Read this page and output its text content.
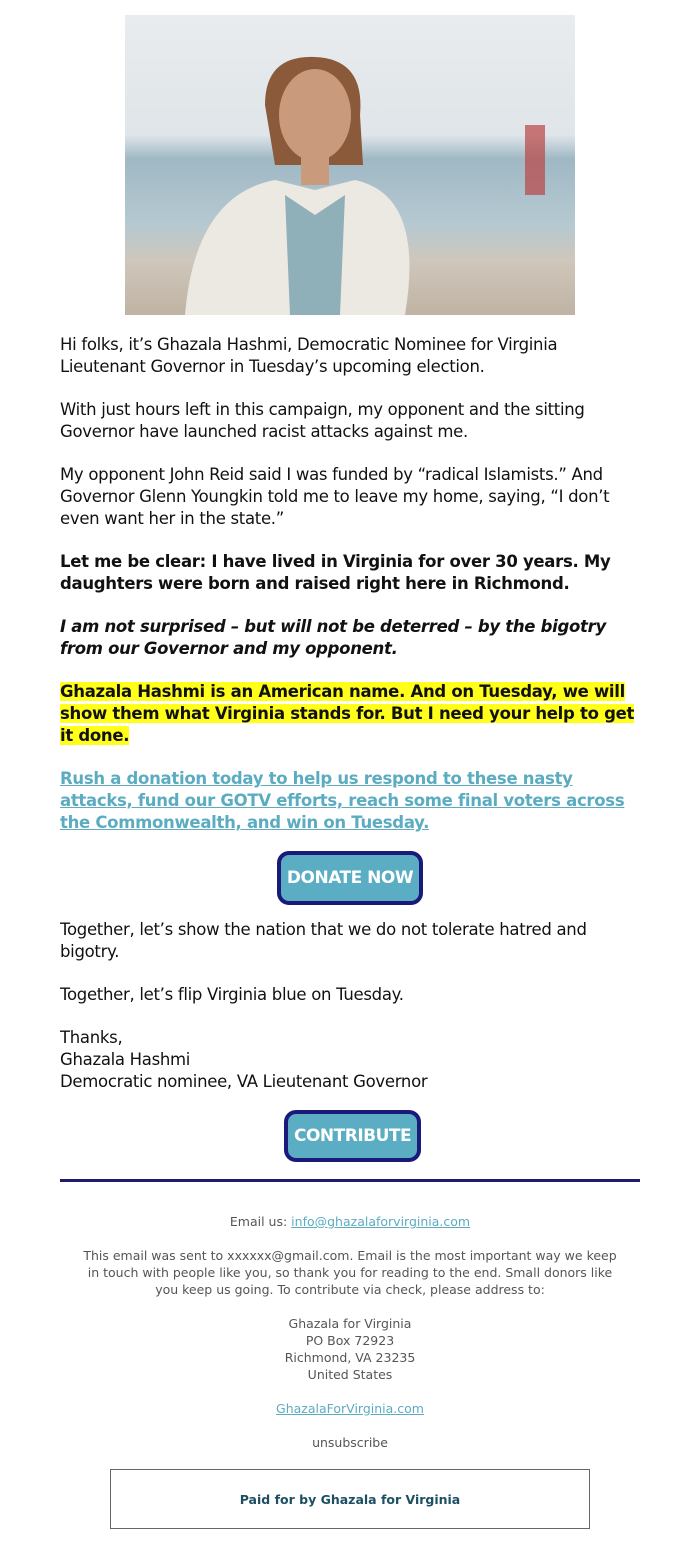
Hi folks, it’s Ghazala Hashmi, Democratic Nominee for Virginia Lieutenant Governor in Tuesday’s upcoming election.

With just hours left in this campaign, my opponent and the sitting Governor have launched racist attacks against me.

My opponent John Reid said I was funded by “radical Islamists.” And Governor Glenn Youngkin told me to leave my home, saying, “I don’t even want her in the state.”

Let me be clear: I have lived in Virginia for over 30 years. My daughters were born and raised right here in Richmond.

I am not surprised – but will not be deterred – by the bigotry from our Governor and my opponent.

Ghazala Hashmi is an American name. And on Tuesday, we will show them what Virginia stands for. But I need your help to get it done.

Rush a donation today to help us respond to these nasty attacks, fund our GOTV efforts, reach some final voters across the Commonwealth, and win on Tuesday.

DONATE NOW

Together, let’s show the nation that we do not tolerate hatred and bigotry.

Together, let’s flip Virginia blue on Tuesday.

Thanks,
Ghazala Hashmi
Democratic nominee, VA Lieutenant Governor
CONTRIBUTE

Email us: info@ghazalaforvirginia.com

This email was sent to xxxxxx@gmail.com. Email is the most important way we keep in touch with people like you, so thank you for reading to the end. Small donors like you keep us going. To contribute via check, please address to:

Ghazala for Virginia
PO Box 72923
Richmond, VA 23235
United States

GhazalaForVirginia.com

unsubscribe

Paid for by Ghazala for Virginia
